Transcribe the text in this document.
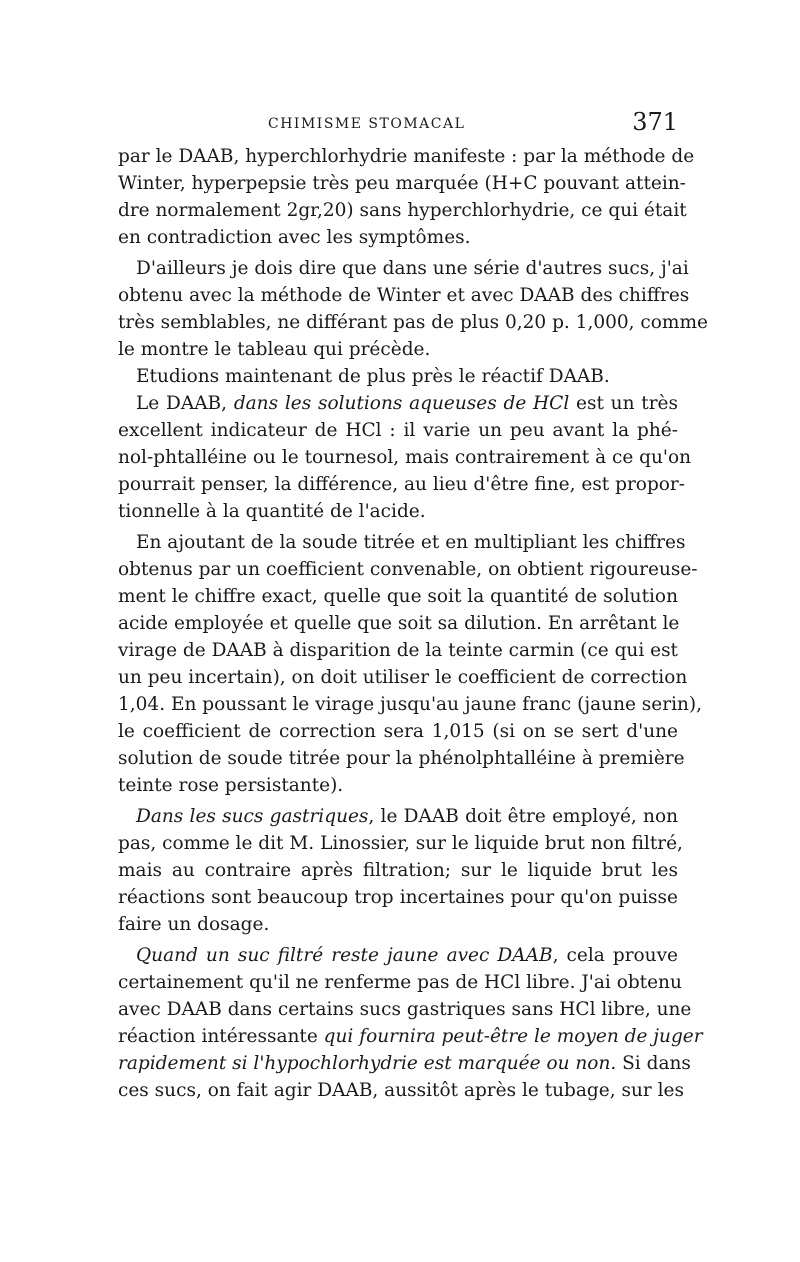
CHIMISME STOMACAL	371
par le DAAB, hyperchlorhydrie manifeste : par la méthode de
Winter, hyperpepsie très peu marquée (H+C pouvant attein-
dre normalement 2gr,20) sans hyperchlorhydrie, ce qui était
en contradiction avec les symptômes.
D'ailleurs je dois dire que dans une série d'autres sucs, j'ai
obtenu avec la méthode de Winter et avec DAAB des chiffres
très semblables, ne différant pas de plus 0,20 p. 1,000, comme
le montre le tableau qui précède.
Etudions maintenant de plus près le réactif DAAB.
Le DAAB, dans les solutions aqueuses de HCl est un très
excellent indicateur de HCl : il varie un peu avant la phé-
nol-phtalléine ou le tournesol, mais contrairement à ce qu'on
pourrait penser, la différence, au lieu d'être fine, est propor-
tionnelle à la quantité de l'acide.
En ajoutant de la soude titrée et en multipliant les chiffres
obtenus par un coefficient convenable, on obtient rigoureuse-
ment le chiffre exact, quelle que soit la quantité de solution
acide employée et quelle que soit sa dilution. En arrêtant le
virage de DAAB à disparition de la teinte carmin (ce qui est
un peu incertain), on doit utiliser le coefficient de correction
1,04. En poussant le virage jusqu'au jaune franc (jaune serin),
le coefficient de correction sera 1,015 (si on se sert d'une
solution de soude titrée pour la phénolphtalléine à première
teinte rose persistante).
Dans les sucs gastriques, le DAAB doit être employé, non
pas, comme le dit M. Linossier, sur le liquide brut non filtré,
mais au contraire après filtration; sur le liquide brut les
réactions sont beaucoup trop incertaines pour qu'on puisse
faire un dosage.
Quand un suc filtré reste jaune avec DAAB, cela prouve
certainement qu'il ne renferme pas de HCl libre. J'ai obtenu
avec DAAB dans certains sucs gastriques sans HCl libre, une
réaction intéressante qui fournira peut-être le moyen de juger
rapidement si l'hypochlorhydrie est marquée ou non. Si dans
ces sucs, on fait agir DAAB, aussitôt après le tubage, sur les
